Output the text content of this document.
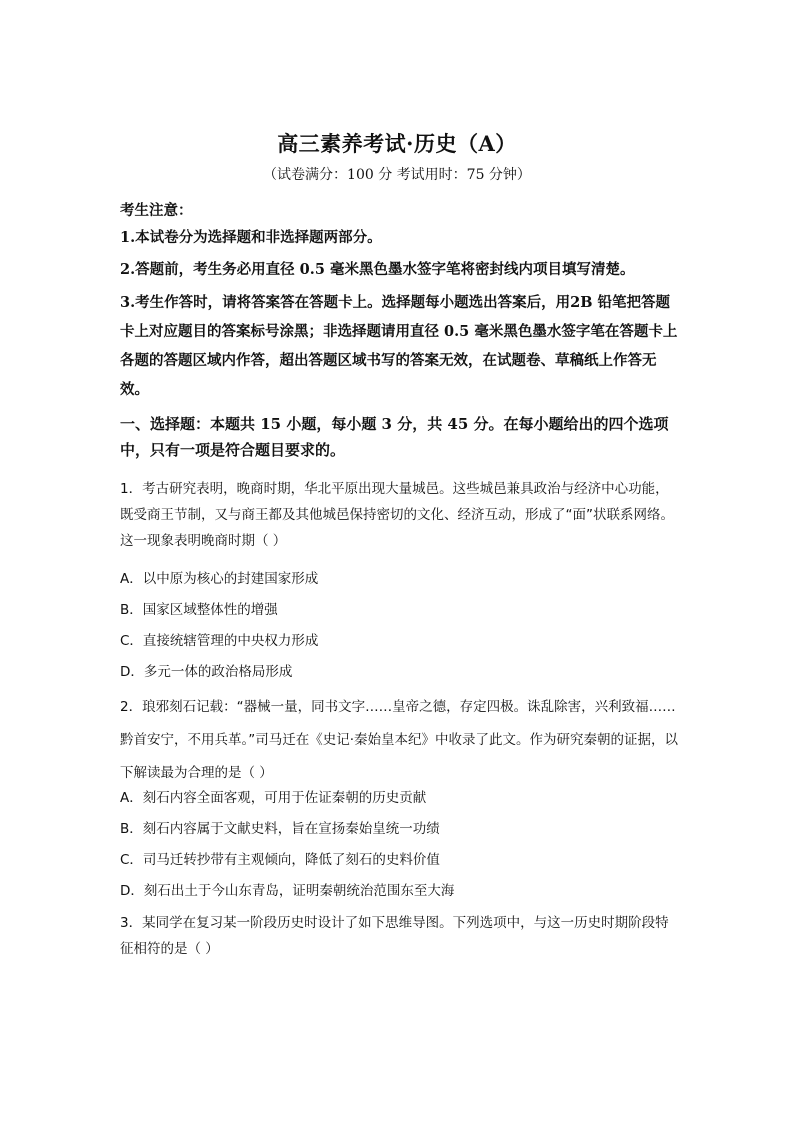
高三素养考试·历史（A）
（试卷满分：100 分 考试用时：75 分钟）
考生注意：
1.本试卷分为选择题和非选择题两部分。
2.答题前，考生务必用直径 0.5 毫米黑色墨水签字笔将密封线内项目填写清楚。
3.考生作答时，请将答案答在答题卡上。选择题每小题选出答案后，用2B 铅笔把答题卡上对应题目的答案标号涂黑；非选择题请用直径 0.5 毫米黑色墨水签字笔在答题卡上各题的答题区域内作答，超出答题区域书写的答案无效，在试题卷、草稿纸上作答无效。
一、选择题：本题共 15 小题，每小题 3 分，共 45 分。在每小题给出的四个选项中，只有一项是符合题目要求的。
1．考古研究表明，晚商时期，华北平原出现大量城邑。这些城邑兼具政治与经济中心功能，既受商王节制，又与商王都及其他城邑保持密切的文化、经济互动，形成了“面”状联系网络。这一现象表明晚商时期（ ）
A．以中原为核心的封建国家形成
B．国家区域整体性的增强
C．直接统辖管理的中央权力形成
D．多元一体的政治格局形成
2．琅邪刻石记载：“器械一量，同书文字……皇帝之德，存定四极。诛乱除害，兴利致福……黔首安宁，不用兵革。”司马迁在《史记·秦始皇本纪》中收录了此文。作为研究秦朝的证据，以下解读最为合理的是（ ）
A．刻石内容全面客观，可用于佐证秦朝的历史贡献
B．刻石内容属于文献史料，旨在宣扬秦始皇统一功绩
C．司马迁转抄带有主观倾向，降低了刻石的史料价值
D．刻石出土于今山东青岛，证明秦朝统治范围东至大海
3．某同学在复习某一阶段历史时设计了如下思维导图。下列选项中，与这一历史时期阶段特征相符的是（ ）
